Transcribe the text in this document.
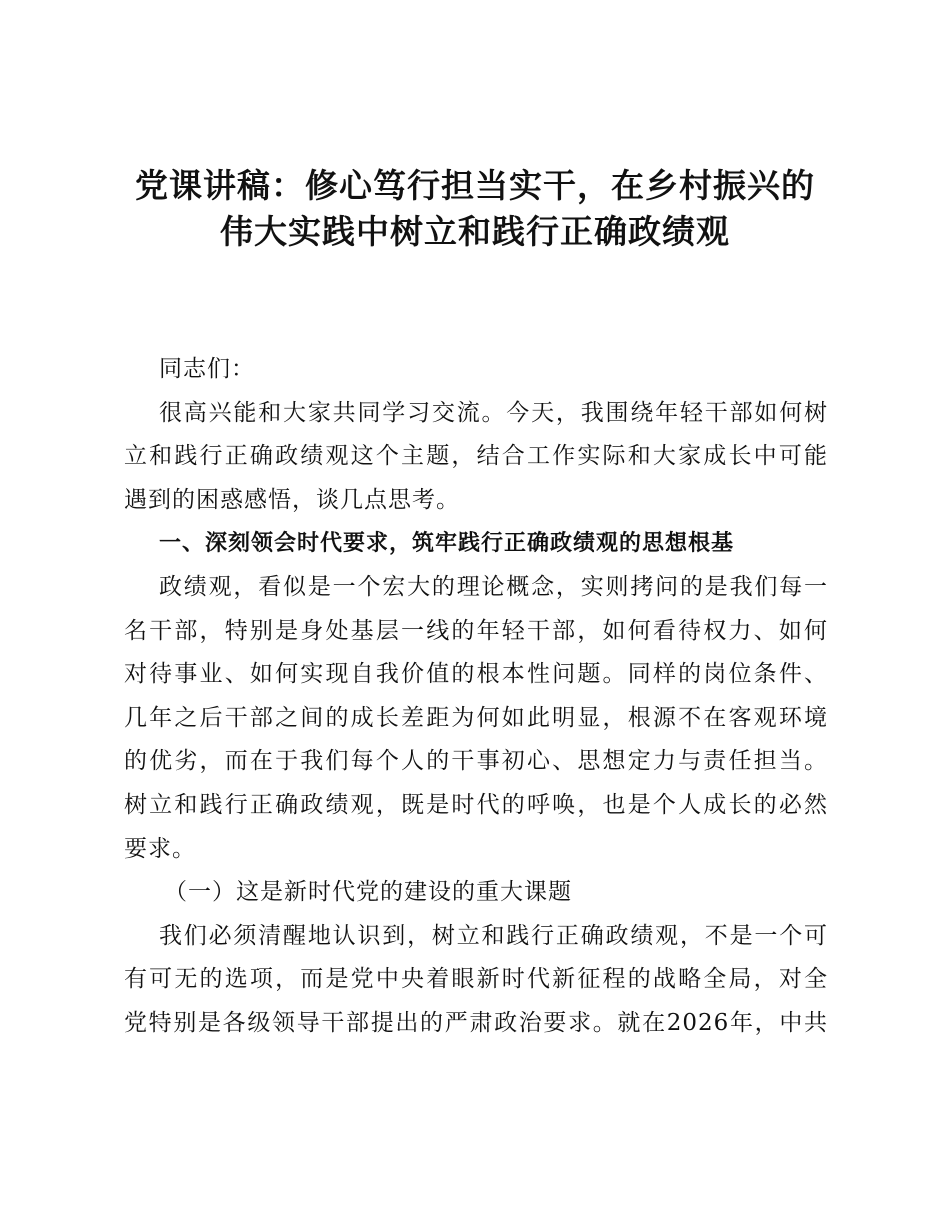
党课讲稿：修心笃行担当实干，在乡村振兴的
伟大实践中树立和践行正确政绩观
同志们：
很高兴能和大家共同学习交流。今天，我围绕年轻干部如何树
立和践行正确政绩观这个主题，结合工作实际和大家成长中可能
遇到的困惑感悟，谈几点思考。
一、深刻领会时代要求，筑牢践行正确政绩观的思想根基
政绩观，看似是一个宏大的理论概念，实则拷问的是我们每一
名干部，特别是身处基层一线的年轻干部，如何看待权力、如何
对待事业、如何实现自我价值的根本性问题。同样的岗位条件、
几年之后干部之间的成长差距为何如此明显，根源不在客观环境
的优劣，而在于我们每个人的干事初心、思想定力与责任担当。
树立和践行正确政绩观，既是时代的呼唤，也是个人成长的必然
要求。
（一）这是新时代党的建设的重大课题
我们必须清醒地认识到，树立和践行正确政绩观，不是一个可
有可无的选项，而是党中央着眼新时代新征程的战略全局，对全
党特别是各级领导干部提出的严肃政治要求。就在2026年，中共
